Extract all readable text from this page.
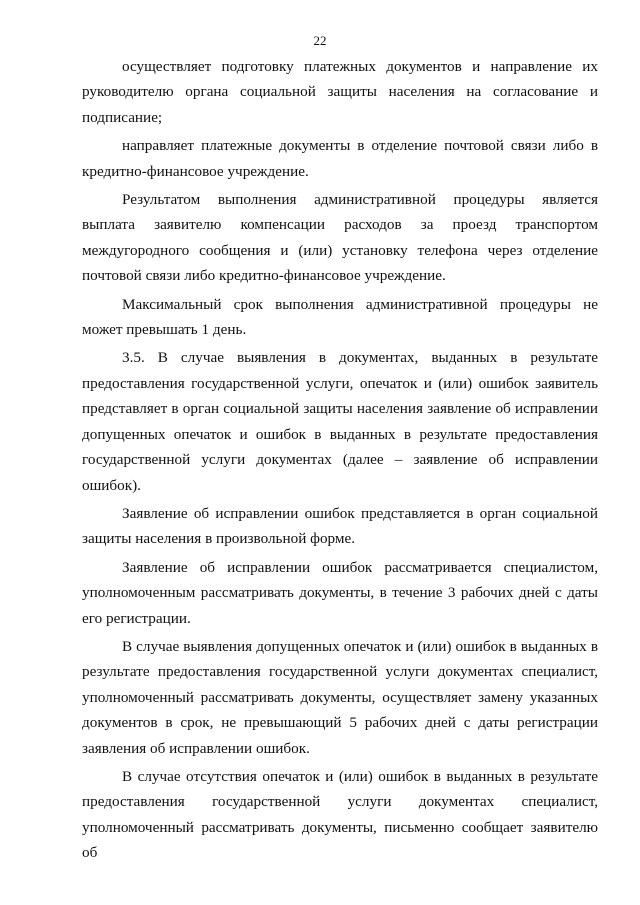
22

осуществляет подготовку платежных документов и направление их руководителю органа социальной защиты населения на согласование и подписание;

направляет платежные документы в отделение почтовой связи либо в кредитно-финансовое учреждение.

Результатом выполнения административной процедуры является выплата заявителю компенсации расходов за проезд транспортом междугородного сообщения и (или) установку телефона через отделение почтовой связи либо кредитно-финансовое учреждение.

Максимальный срок выполнения административной процедуры не может превышать 1 день.

3.5. В случае выявления в документах, выданных в результате предоставления государственной услуги, опечаток и (или) ошибок заявитель представляет в орган социальной защиты населения заявление об исправлении допущенных опечаток и ошибок в выданных в результате предоставления государственной услуги документах (далее – заявление об исправлении ошибок).

Заявление об исправлении ошибок представляется в орган социальной защиты населения в произвольной форме.

Заявление об исправлении ошибок рассматривается специалистом, уполномоченным рассматривать документы, в течение 3 рабочих дней с даты его регистрации.

В случае выявления допущенных опечаток и (или) ошибок в выданных в результате предоставления государственной услуги документах специалист, уполномоченный рассматривать документы, осуществляет замену указанных документов в срок, не превышающий 5 рабочих дней с даты регистрации заявления об исправлении ошибок.

В случае отсутствия опечаток и (или) ошибок в выданных в результате предоставления государственной услуги документах специалист, уполномоченный рассматривать документы, письменно сообщает заявителю об
